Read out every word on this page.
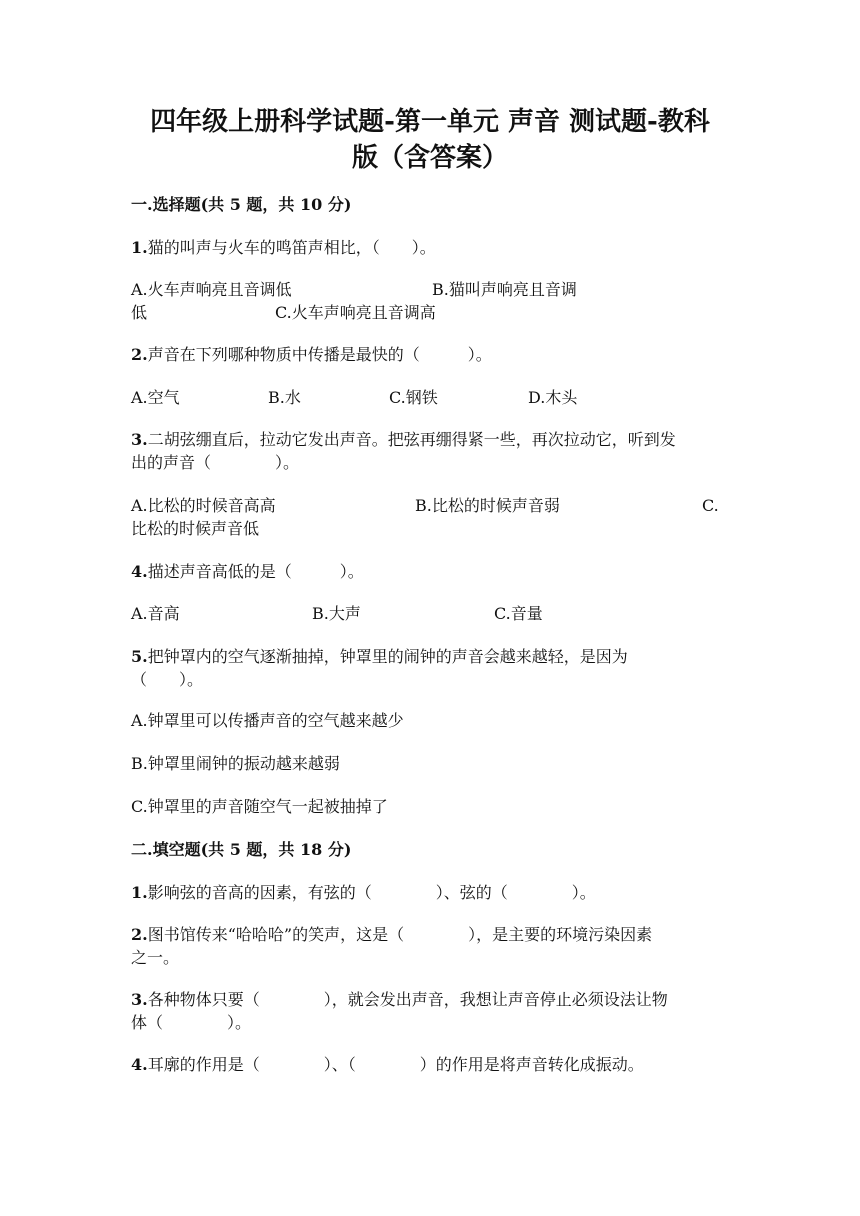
四年级上册科学试题-第一单元 声音 测试题-教科
版（含答案）
一.选择题(共 5 题，共 10 分)
1.猫的叫声与火车的鸣笛声相比，（　　）。
A.火车声响亮且音调低	B.猫叫声响亮且音调
低	C.火车声响亮且音调高
2.声音在下列哪种物质中传播是最快的（　　　）。
A.空气	B.水	C.钢铁	D.木头
3.二胡弦绷直后，拉动它发出声音。把弦再绷得紧一些，再次拉动它，听到发
出的声音（　　　　）。
A.比松的时候音高高	B.比松的时候声音弱	C.
比松的时候声音低
4.描述声音高低的是（　　　）。
A.音高	B.大声	C.音量
5.把钟罩内的空气逐渐抽掉，钟罩里的闹钟的声音会越来越轻，是因为
（　　）。
A.钟罩里可以传播声音的空气越来越少
B.钟罩里闹钟的振动越来越弱
C.钟罩里的声音随空气一起被抽掉了
二.填空题(共 5 题，共 18 分)
1.影响弦的音高的因素，有弦的（　　　　）、弦的（　　　　）。
2.图书馆传来“哈哈哈”的笑声，这是（　　　　），是主要的环境污染因素
之一。
3.各种物体只要（　　　　），就会发出声音，我想让声音停止必须设法让物
体（　　　　）。
4.耳廓的作用是（　　　　）、（　　　　）的作用是将声音转化成振动。
